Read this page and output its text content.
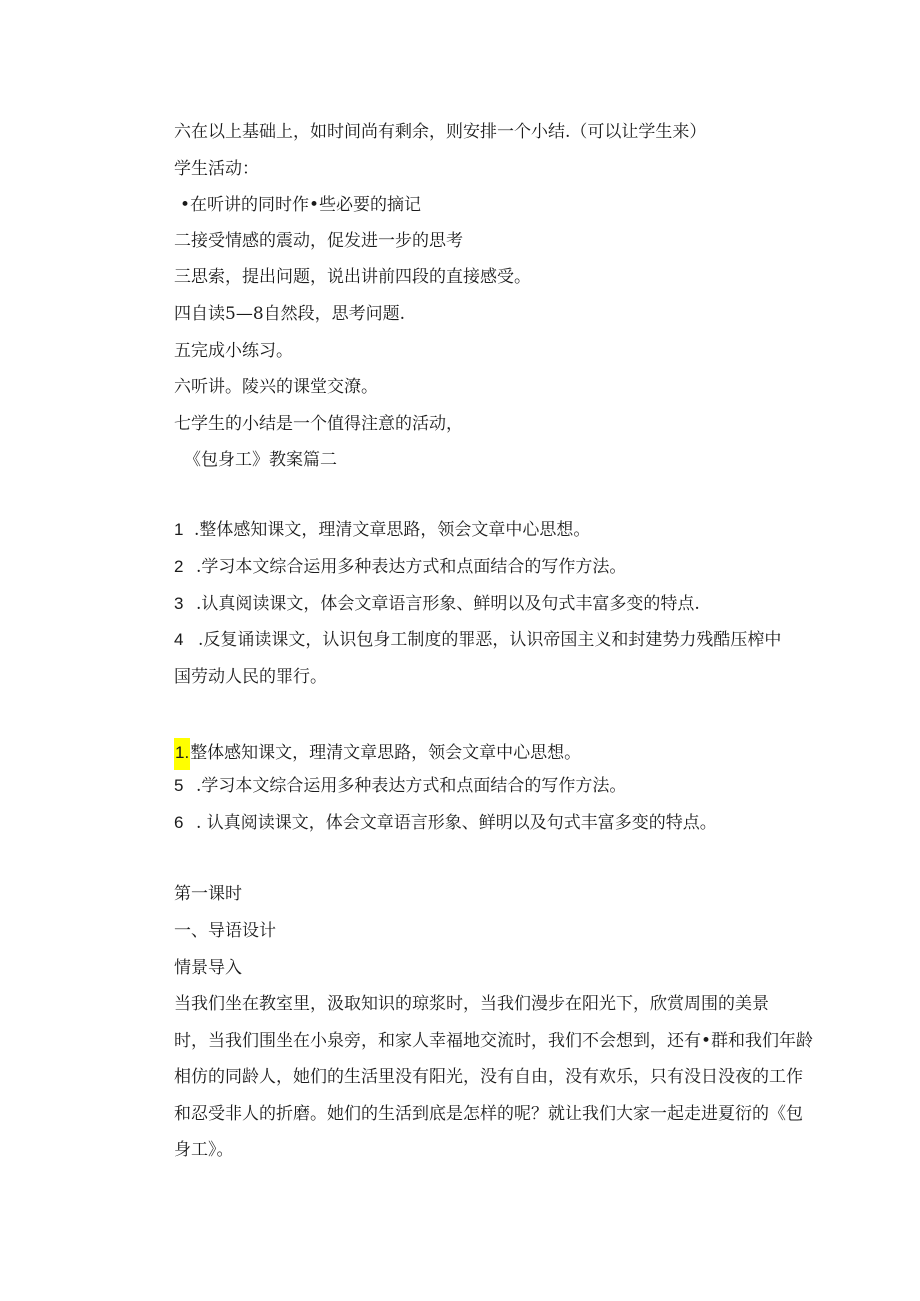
六在以上基础上，如时间尚有剩余，则安排一个小结.（可以让学生来）
学生活动：
•在听讲的同时作•些必要的摘记
二接受情感的震动，促发进一步的思考
三思索，提出问题，说出讲前四段的直接感受。
四自读5—8自然段，思考问题.
五完成小练习。
六听讲。陵兴的课堂交潦。
七学生的小结是一个值得注意的活动，
《包身工》教案篇二
1 .整体感知课文，理清文章思路，领会文章中心思想。
2 .学习本文综合运用多种表达方式和点面结合的写作方法。
3 .认真阅读课文，体会文章语言形象、鲜明以及句式丰富多变的特点.
4 .反复诵读课文，认识包身工制度的罪恶，认识帝国主义和封建势力残酷压榨中
国劳动人民的罪行。
1.整体感知课文，理清文章思路，领会文章中心思想。
5 .学习本文综合运用多种表达方式和点面结合的写作方法。
6 . 认真阅读课文，体会文章语言形象、鲜明以及句式丰富多变的特点。
第一课时
一、导语设计
情景导入
当我们坐在教室里，汲取知识的琼浆时，当我们漫步在阳光下，欣赏周围的美景
时，当我们围坐在小泉旁，和家人幸福地交流时，我们不会想到，还有•群和我们年龄
相仿的同龄人，她们的生活里没有阳光，没有自由，没有欢乐，只有没日没夜的工作
和忍受非人的折磨。她们的生活到底是怎样的呢？就让我们大家一起走进夏衍的《包
身工》。
